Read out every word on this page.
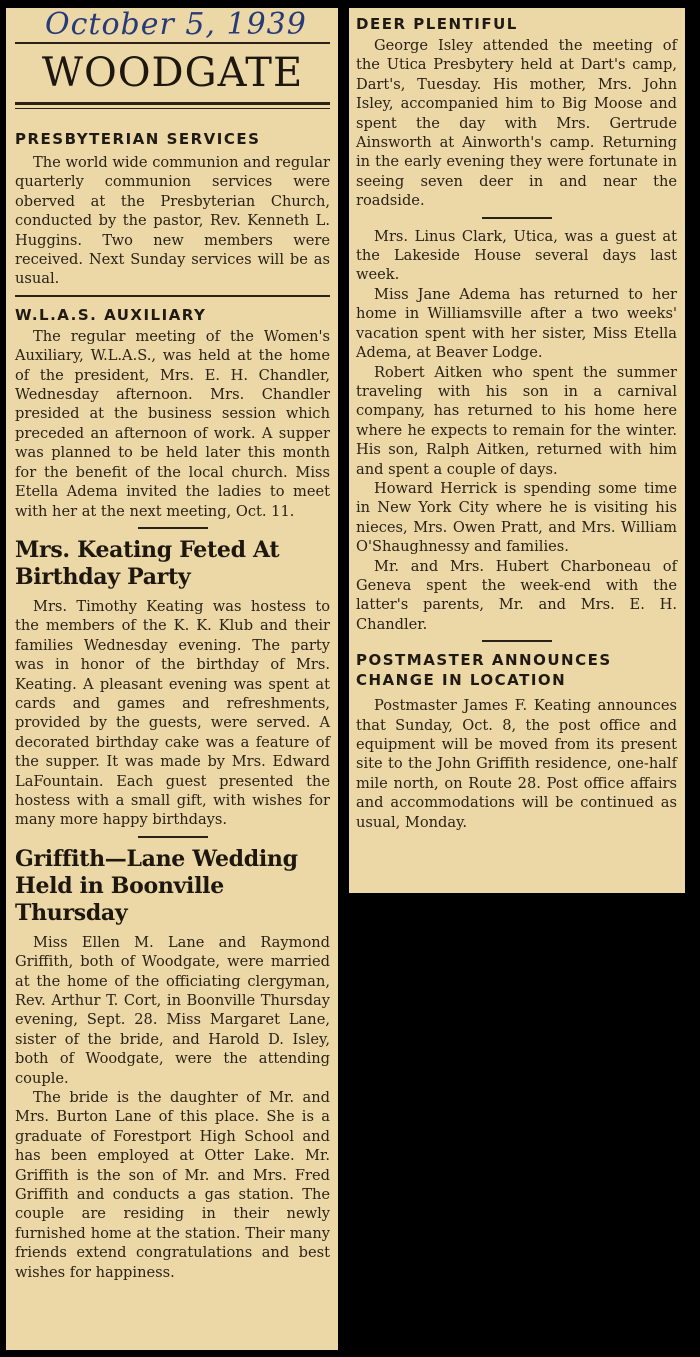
October 5, 1939
WOODGATE
PRESBYTERIAN SERVICES

The world wide communion and regular quarterly communion services were oberved at the Presbyterian Church, conducted by the pastor, Rev. Kenneth L. Huggins. Two new members were received. Next Sunday services will be as usual.

W.L.A.S. AUXILIARY

The regular meeting of the Women's Auxiliary, W.L.A.S., was held at the home of the president, Mrs. E. H. Chandler, Wednesday afternoon. Mrs. Chandler presided at the business session which preceded an afternoon of work. A supper was planned to be held later this month for the benefit of the local church. Miss Etella Adema invited the ladies to meet with her at the next meeting, Oct. 11.

Mrs. Keating Feted At Birthday Party

Mrs. Timothy Keating was hostess to the members of the K. K. Klub and their families Wednesday evening. The party was in honor of the birthday of Mrs. Keating. A pleasant evening was spent at cards and games and refreshments, provided by the guests, were served. A decorated birthday cake was a feature of the supper. It was made by Mrs. Edward LaFountain. Each guest presented the hostess with a small gift, with wishes for many more happy birthdays.

Griffith—Lane Wedding Held in Boonville Thursday

Miss Ellen M. Lane and Raymond Griffith, both of Woodgate, were married at the home of the officiating clergyman, Rev. Arthur T. Cort, in Boonville Thursday evening, Sept. 28. Miss Margaret Lane, sister of the bride, and Harold D. Isley, both of Woodgate, were the attending couple.

The bride is the daughter of Mr. and Mrs. Burton Lane of this place. She is a graduate of Forestport High School and has been employed at Otter Lake. Mr. Griffith is the son of Mr. and Mrs. Fred Griffith and conducts a gas station. The couple are residing in their newly furnished home at the station. Their many friends extend congratulations and best wishes for happiness.

DEER PLENTIFUL

George Isley attended the meeting of the Utica Presbytery held at Dart's camp, Dart's, Tuesday. His mother, Mrs. John Isley, accompanied him to Big Moose and spent the day with Mrs. Gertrude Ainsworth at Ainworth's camp. Returning in the early evening they were fortunate in seeing seven deer in and near the roadside.

Mrs. Linus Clark, Utica, was a guest at the Lakeside House several days last week.

Miss Jane Adema has returned to her home in Williamsville after a two weeks' vacation spent with her sister, Miss Etella Adema, at Beaver Lodge.

Robert Aitken who spent the summer traveling with his son in a carnival company, has returned to his home here where he expects to remain for the winter. His son, Ralph Aitken, returned with him and spent a couple of days.

Howard Herrick is spending some time in New York City where he is visiting his nieces, Mrs. Owen Pratt, and Mrs. William O'Shaughnessy and families.

Mr. and Mrs. Hubert Charboneau of Geneva spent the week-end with the latter's parents, Mr. and Mrs. E. H. Chandler.

POSTMASTER ANNOUNCES CHANGE IN LOCATION

Postmaster James F. Keating announces that Sunday, Oct. 8, the post office and equipment will be moved from its present site to the John Griffith residence, one-half mile north, on Route 28. Post office affairs and accommodations will be continued as usual, Monday.
